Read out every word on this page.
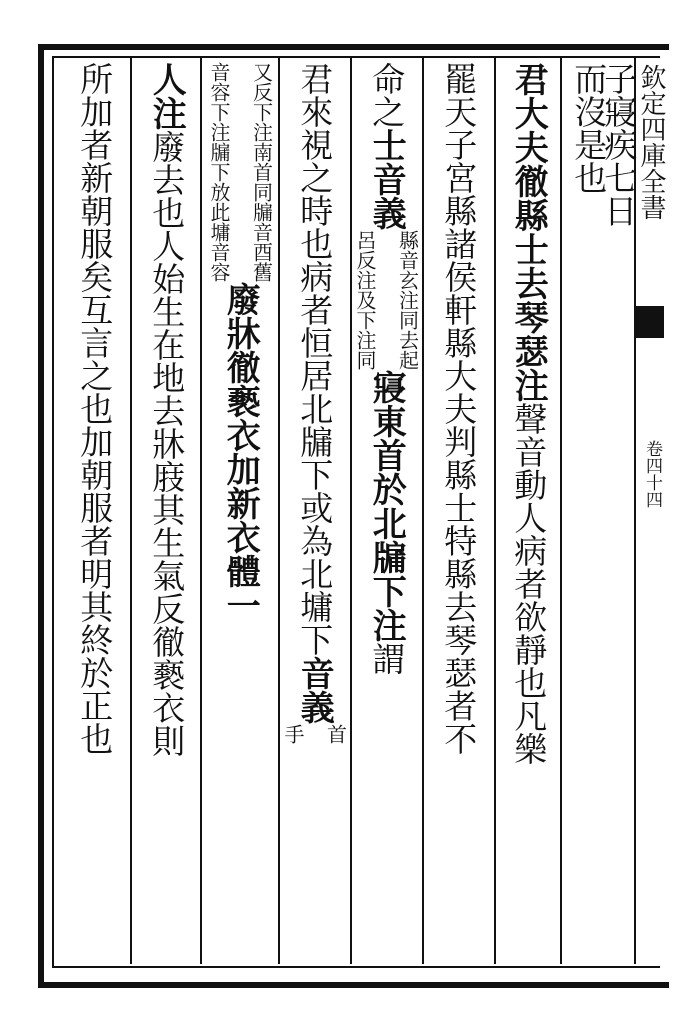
欽定四庫全書
卷四十四
子寢疾七日
而沒是也
君大夫徹縣士去琴瑟注
聲音動人病者欲靜也凡樂
罷天子宮縣諸侯軒縣大夫判縣士特縣去琴瑟者不
命之
士音義
縣音玄注同去起
呂反注及下注同
寢東首於北牖下注
謂
君來視之時也病者恒居北牖下或為北墉下
音義
首
手
又反下注南首同牖音酉舊
音容下注牖下放此墉音容
廢牀徹褻衣加新衣體一
人注
廢去也人始生在地去牀庪其生氣反徹褻衣則
所加者新朝服矣互言之也加朝服者明其終於正也
